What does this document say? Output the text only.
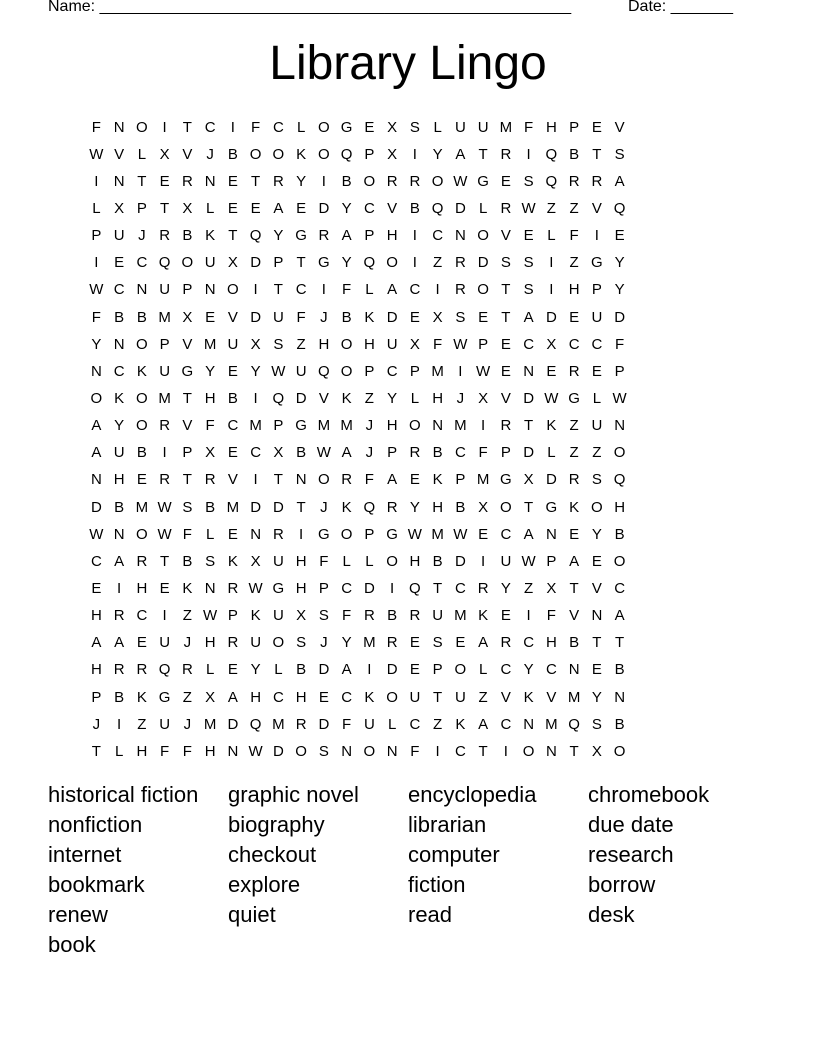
Name: _____________________________________________________	Date: _______
Library Lingo
F N O I	T C	I	F C L O G E X S L U U M F H P E V
W V L X V J B O O K O Q P X	I	Y A T R	I Q B T S
I	N T E R N E T R Y	I	B O R R O W G E S Q R R A
L X P T X L E E A E D Y C V B Q D L R W Z Z V Q
P U J R B K T Q Y G R A P H	I	C N O V E L F	I	E
I	E C Q O U X D P T G Y Q O I	Z R D S S	I	Z G Y
W C N U P N O I	T C	I	F L A C	I	R O T S	I	H P Y
F B B M X E V D U F J B K D E X S E T A D E U D
Y N O P V M U X S Z H O H U X F W P E C X C C F
N C K U G Y E Y W U Q O P C P M I W E N E R E P
O K O M T H B	I Q D V K Z Y L H J X V D W G L W
A Y O R V F C M P G M M J H O N M I	R T K Z U N
A U B	I	P X E C X B W A J P R B C F P D L Z Z O
N H E R T R V	I	T N O R F A E K P M G X D R S Q
D B M W S B M D D T J K Q R Y H B X O T G K O H
W N O W F L E N R	I G O P G W M W E C A N E Y B
C A R T B S K X U H F L L O H B D	I	U W P A E O
E	I	H E K N R W G H P C D	I Q T C R Y Z X T V C
H R C	I	Z W P K U X S F R B R U M K E	I	F V N A
A A E U J H R U O S J Y M R E S E A R C H B T T
H R R Q R L E Y L B D A	I	D E P O L C Y C N E B
P B K G Z X A H C H E C K O U T U Z V K V M Y N
J	I	Z U J M D Q M R D F U L C Z K A C N M Q S B
T L H F F H N W D O S N O N F	I	C T	I O N T X O
historical fiction	graphic novel	encyclopedia	chromebook
nonfiction	biography	librarian	due date
internet	checkout	computer	research
bookmark	explore	fiction	borrow
renew	quiet	read	desk
book
